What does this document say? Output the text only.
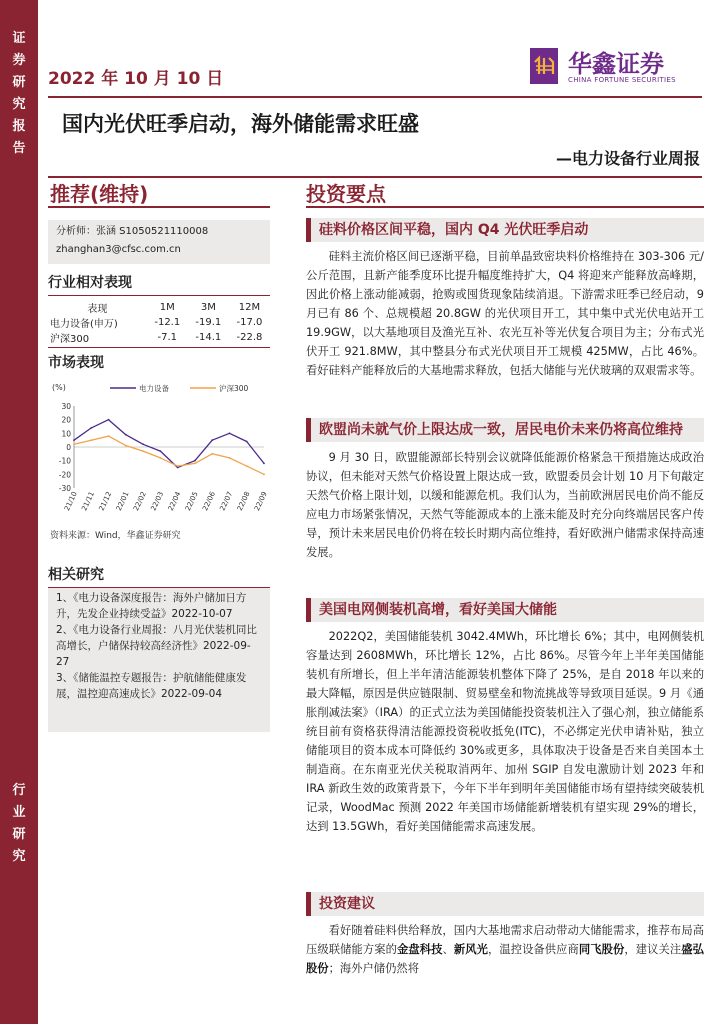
证
券
研
究
报
告
行
业
研
究
2022 年 10 月 10 日
华鑫证券
CHINA FORTUNE SECURITIES
国内光伏旺季启动，海外储能需求旺盛
—电力设备行业周报
推荐(维持)	投资要点
分析师：张涵 S1050521110008
zhanghan3@cfsc.com.cn
行业相对表现
表现	1M	3M	12M
电力设备(申万)	-12.1	-19.1	-17.0
沪深300	-7.1	-14.1	-22.8
市场表现
(%)	电力设备	沪深300
30
20
10
0
-10
-20
-30
21/10 21/11 21/12 22/01 22/02 22/03 22/04 22/05 22/06 22/07 22/08 22/09
资料来源：Wind，华鑫证券研究
相关研究

1、《电力设备深度报告：海外户储加日方升，先发企业持续受益》2022-10-07

2、《电力设备行业周报：八月光伏装机同比高增长，户储保持较高经济性》2022-09-27

3、《储能温控专题报告：护航储能健康发展，温控迎高速成长》2022-09-04

硅料价格区间平稳，国内 Q4 光伏旺季启动

硅料主流价格区间已逐渐平稳，目前单晶致密块料价格维持在 303-306 元/公斤范围，且新产能季度环比提升幅度维持扩大，Q4 将迎来产能释放高峰期，因此价格上涨动能减弱，抢购或囤货现象陆续消退。下游需求旺季已经启动，9 月已有 86 个、总规模超 20.8GW 的光伏项目开工，其中集中式光伏电站开工 19.9GW，以大基地项目及渔光互补、农光互补等光伏复合项目为主；分布式光伏开工 921.8MW，其中整县分布式光伏项目开工规模 425MW，占比 46%。看好硅料产能释放后的大基地需求释放，包括大储能与光伏玻璃的双艰需求等。

欧盟尚未就气价上限达成一致，居民电价未来仍将高位维持

9 月 30 日，欧盟能源部长特别会议就降低能源价格紧急干预措施达成政治协议，但未能对天然气价格设置上限达成一致，欧盟委员会计划 10 月下旬敲定天然气价格上限计划，以缓和能源危机。我们认为，当前欧洲居民电价尚不能反应电力市场紧张情况，天然气等能源成本的上涨未能及时充分向终端居民客户传导，预计未来居民电价仍将在较长时期内高位维持，看好欧洲户储需求保持高速发展。

美国电网侧装机高增，看好美国大储能

2022Q2，美国储能装机 3042.4MWh，环比增长 6%；其中，电网侧装机容量达到 2608MWh，环比增长 12%，占比 86%。尽管今年上半年美国储能装机有所增长，但上半年清洁能源装机整体下降了 25%，是自 2018 年以来的最大降幅，原因是供应链限制、贸易壁垒和物流挑战等导致项目延误。9 月《通胀削减法案》（IRA）的正式立法为美国储能投资装机注入了强心剂，独立储能系统目前有资格获得清洁能源投资税收抵免(ITC)，不必绑定光伏申请补贴，独立储能项目的资本成本可降低约 30%或更多，具体取决于设备是否来自美国本土制造商。在东南亚光伏关税取消两年、加州 SGIP 自发电激励计划 2023 年和 IRA 新政生效的政策背景下，今年下半年到明年美国储能市场有望持续突破装机记录，WoodMac 预测 2022 年美国市场储能新增装机有望实现 29%的增长，达到 13.5GWh，看好美国储能需求高速发展。

投资建议

看好随着硅料供给释放，国内大基地需求启动带动大储能需求，推荐布局高压级联储能方案的金盘科技、新风光，温控设备供应商同飞股份，建议关注盛弘股份；海外户储仍然将
